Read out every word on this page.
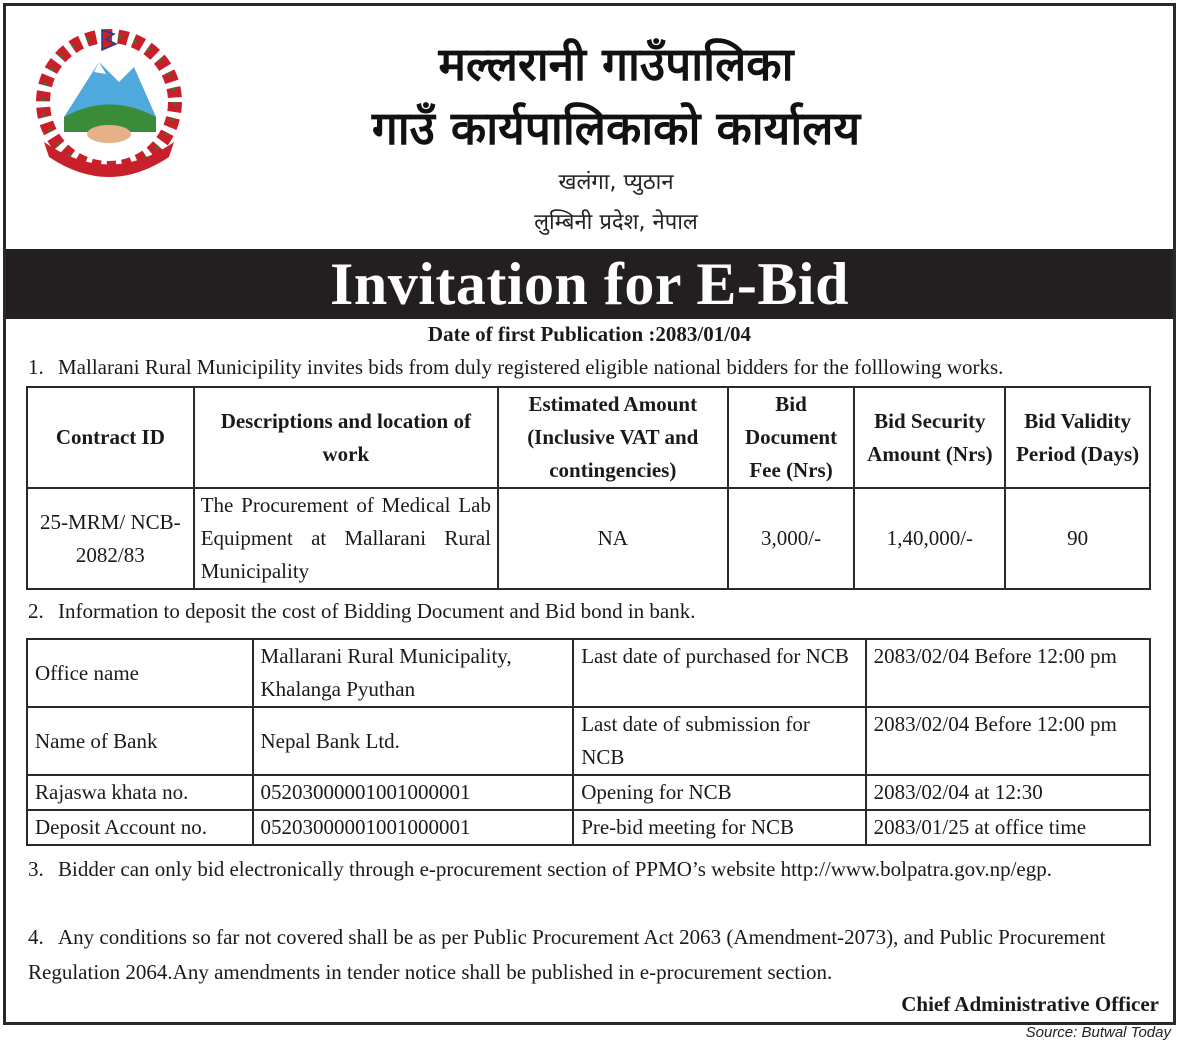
मल्लरानी गाउँपालिका
गाउँ कार्यपालिकाको कार्यालय
खलंगा, प्युठान
लुम्बिनी प्रदेश, नेपाल
Invitation for E-Bid
Date of first Publication :2083/01/04
1. Mallarani Rural Municipility invites bids from duly registered eligible national bidders for the folllowing works.
Contract ID	Descriptions and location of work	Estimated Amount (Inclusive VAT and contingencies)	Bid Document Fee (Nrs)	Bid Security Amount (Nrs)	Bid Validity Period (Days)
25-MRM/ NCB-2082/83	The Procurement of Medical Lab Equipment at Mallarani Rural Municipality	NA	3,000/-	1,40,000/-	90
2. Information to deposit the cost of Bidding Document and Bid bond in bank.
Office name	Mallarani Rural Municipality, Khalanga Pyuthan	Last date of purchased for NCB	2083/02/04 Before 12:00 pm
Name of Bank	Nepal Bank Ltd.	Last date of submission for NCB	2083/02/04 Before 12:00 pm
Rajaswa khata no.	05203000001001000001	Opening for NCB	2083/02/04 at 12:30
Deposit Account no.	05203000001001000001	Pre-bid meeting for NCB	2083/01/25 at office time
3. Bidder can only bid electronically through e-procurement section of PPMO’s website http://www.bolpatra.gov.np/egp.
4. Any conditions so far not covered shall be as per Public Procurement Act 2063 (Amendment-2073), and Public Procurement Regulation 2064.Any amendments in tender notice shall be published in e-procurement section.
Chief Administrative Officer
Source: Butwal Today
